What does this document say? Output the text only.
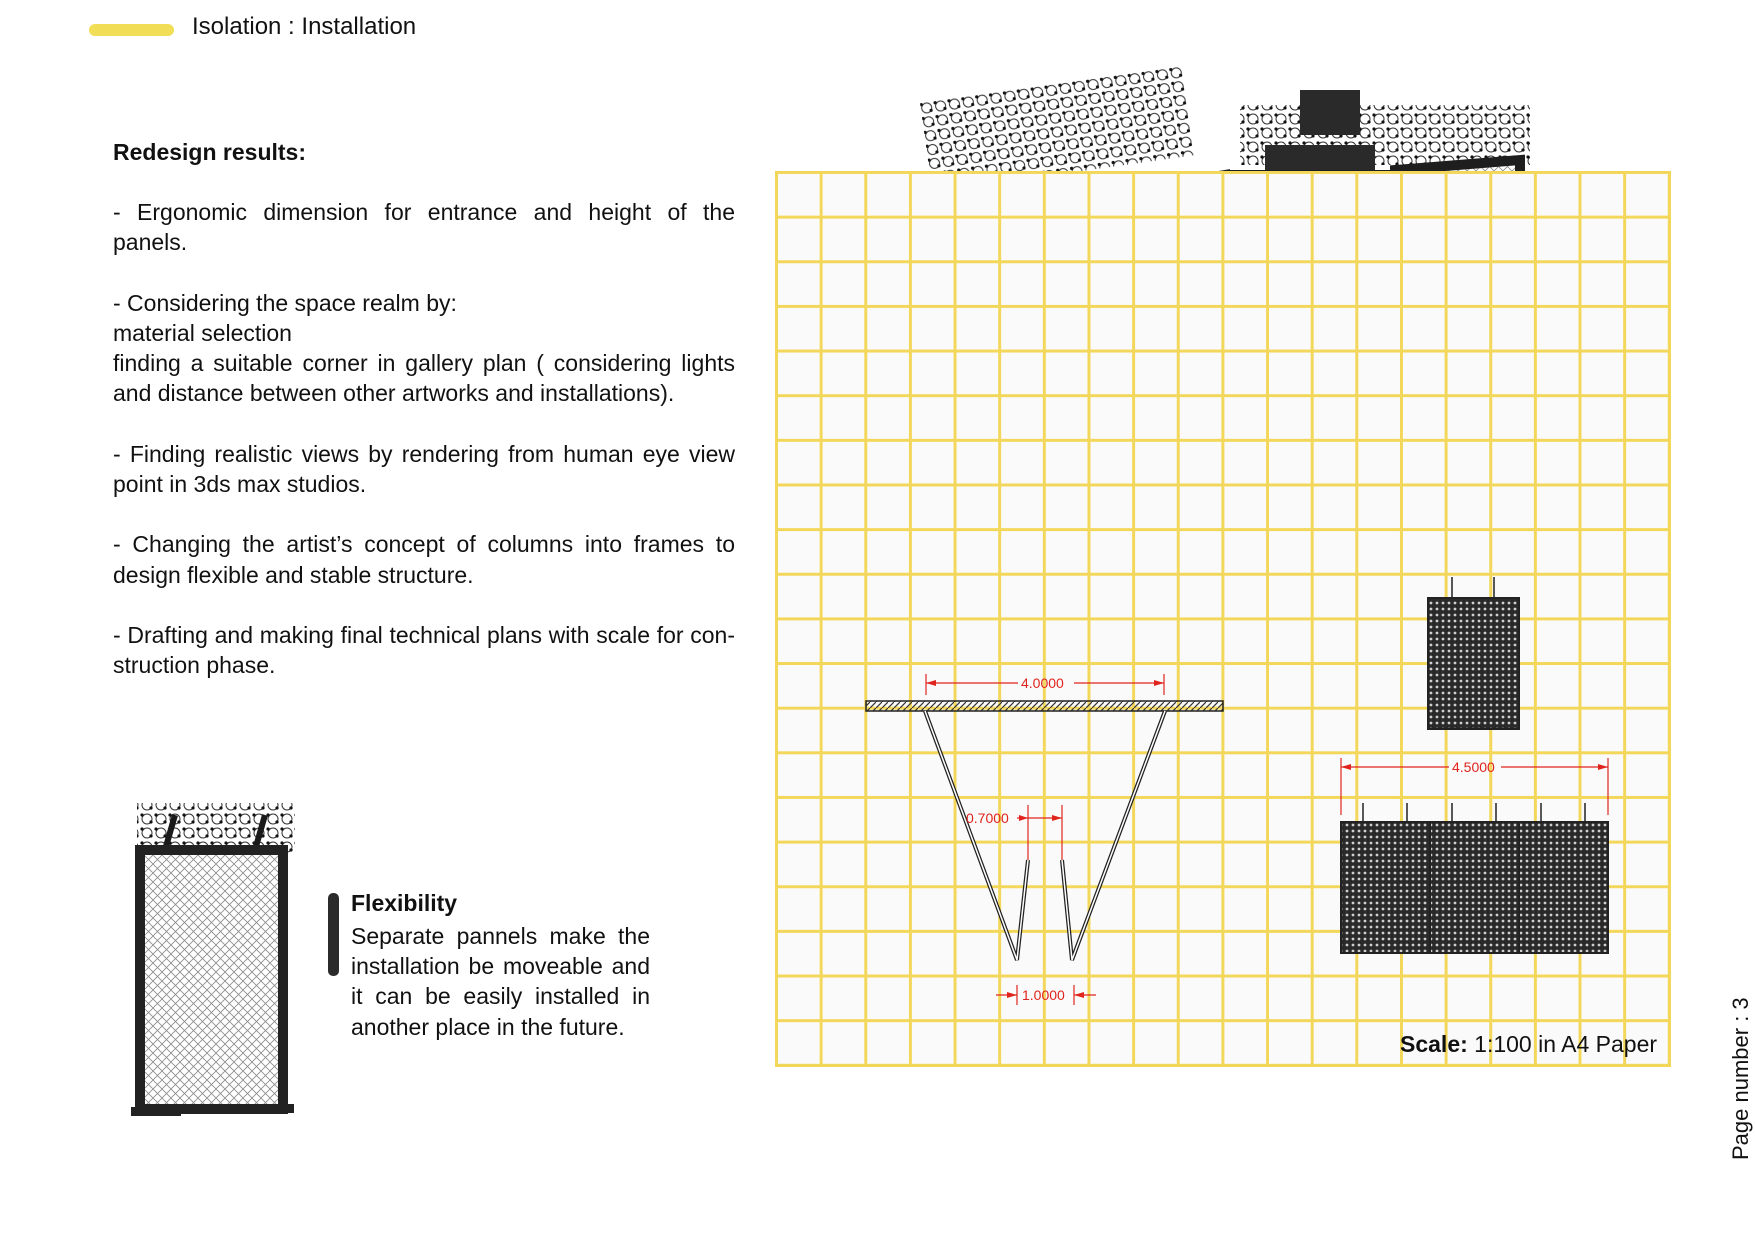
Isolation : Installation
Redesign results:

- Ergonomic dimension for entrance and height of the panels.

- Considering the space realm by:
material selection
finding a suitable corner in gallery plan ( considering lights and distance between other artworks and installations).

- Finding realistic views by rendering from human eye view point in 3ds max studios.

- Changing the artist’s concept of columns into frames to design flexible and stable structure.

- Drafting and making final technical plans with scale for con-struction phase.

4.0000
0.7000
1.0000
4.5000
Flexibility
Separate pannels make the installation be moveable and it can be easily installed in another place in the future.
Scale: 1:100 in A4 Paper	Page number : 3
